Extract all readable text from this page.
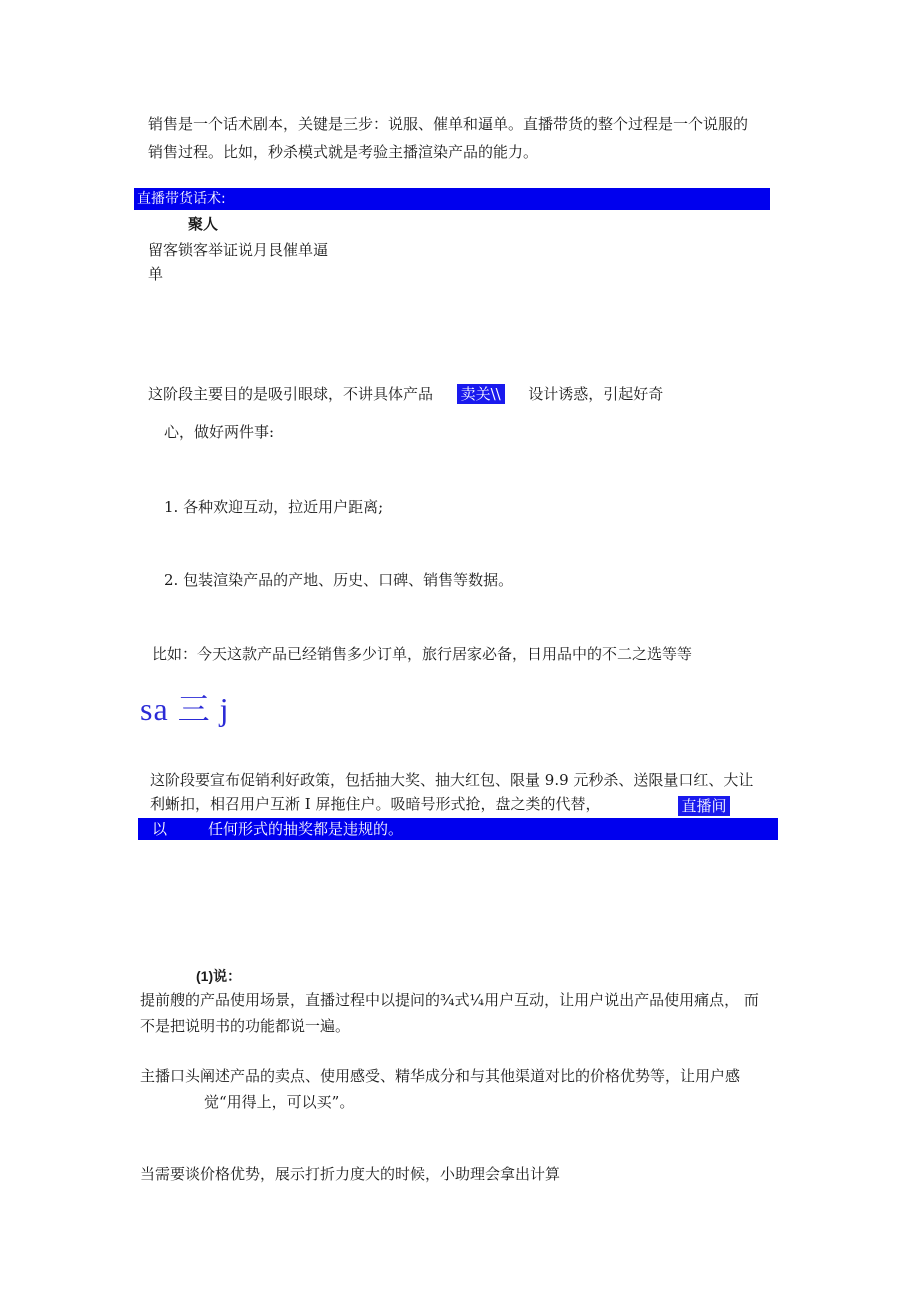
销售是一个话术剧本，关键是三步：说服、催单和逼单。直播带货的整个过程是一个说服的
销售过程。比如，秒杀模式就是考验主播渲染产品的能力。
直播带货话术:
聚人
留客锁客举证说月艮催单逼
单
这阶段主要目的是吸引眼球，不讲具体产品 卖关\\ 设计诱惑，引起好奇
心，做好两件事:
1. 各种欢迎互动，拉近用户距离;
2. 包装渲染产品的产地、历史、口碑、销售等数据。
比如：今天这款产品已经销售多少订单，旅行居家必备，日用品中的不二之选等等
sa 三 j
这阶段要宣布促销利好政策，包括抽大奖、抽大红包、限量 9.9 元秒杀、送限量口红、大让
利蜥扣，相召用户互淅 I 屏拖住户。吸暗号形式抢，盘之类的代替，	直播间
以	任何形式的抽奖都是违规的。
(1)说：
提前艘的产品使用场景，直播过程中以提问的¾式¼用户互动，让用户说出产品使用痛点， 而
不是把说明书的功能都说一遍。
主播口头阐述产品的卖点、使用感受、精华成分和与其他渠道对比的价格优势等，让用户感
觉“用得上，可以买”。
当需要谈价格优势，展示打折力度大的时候，小助理会拿出计算
